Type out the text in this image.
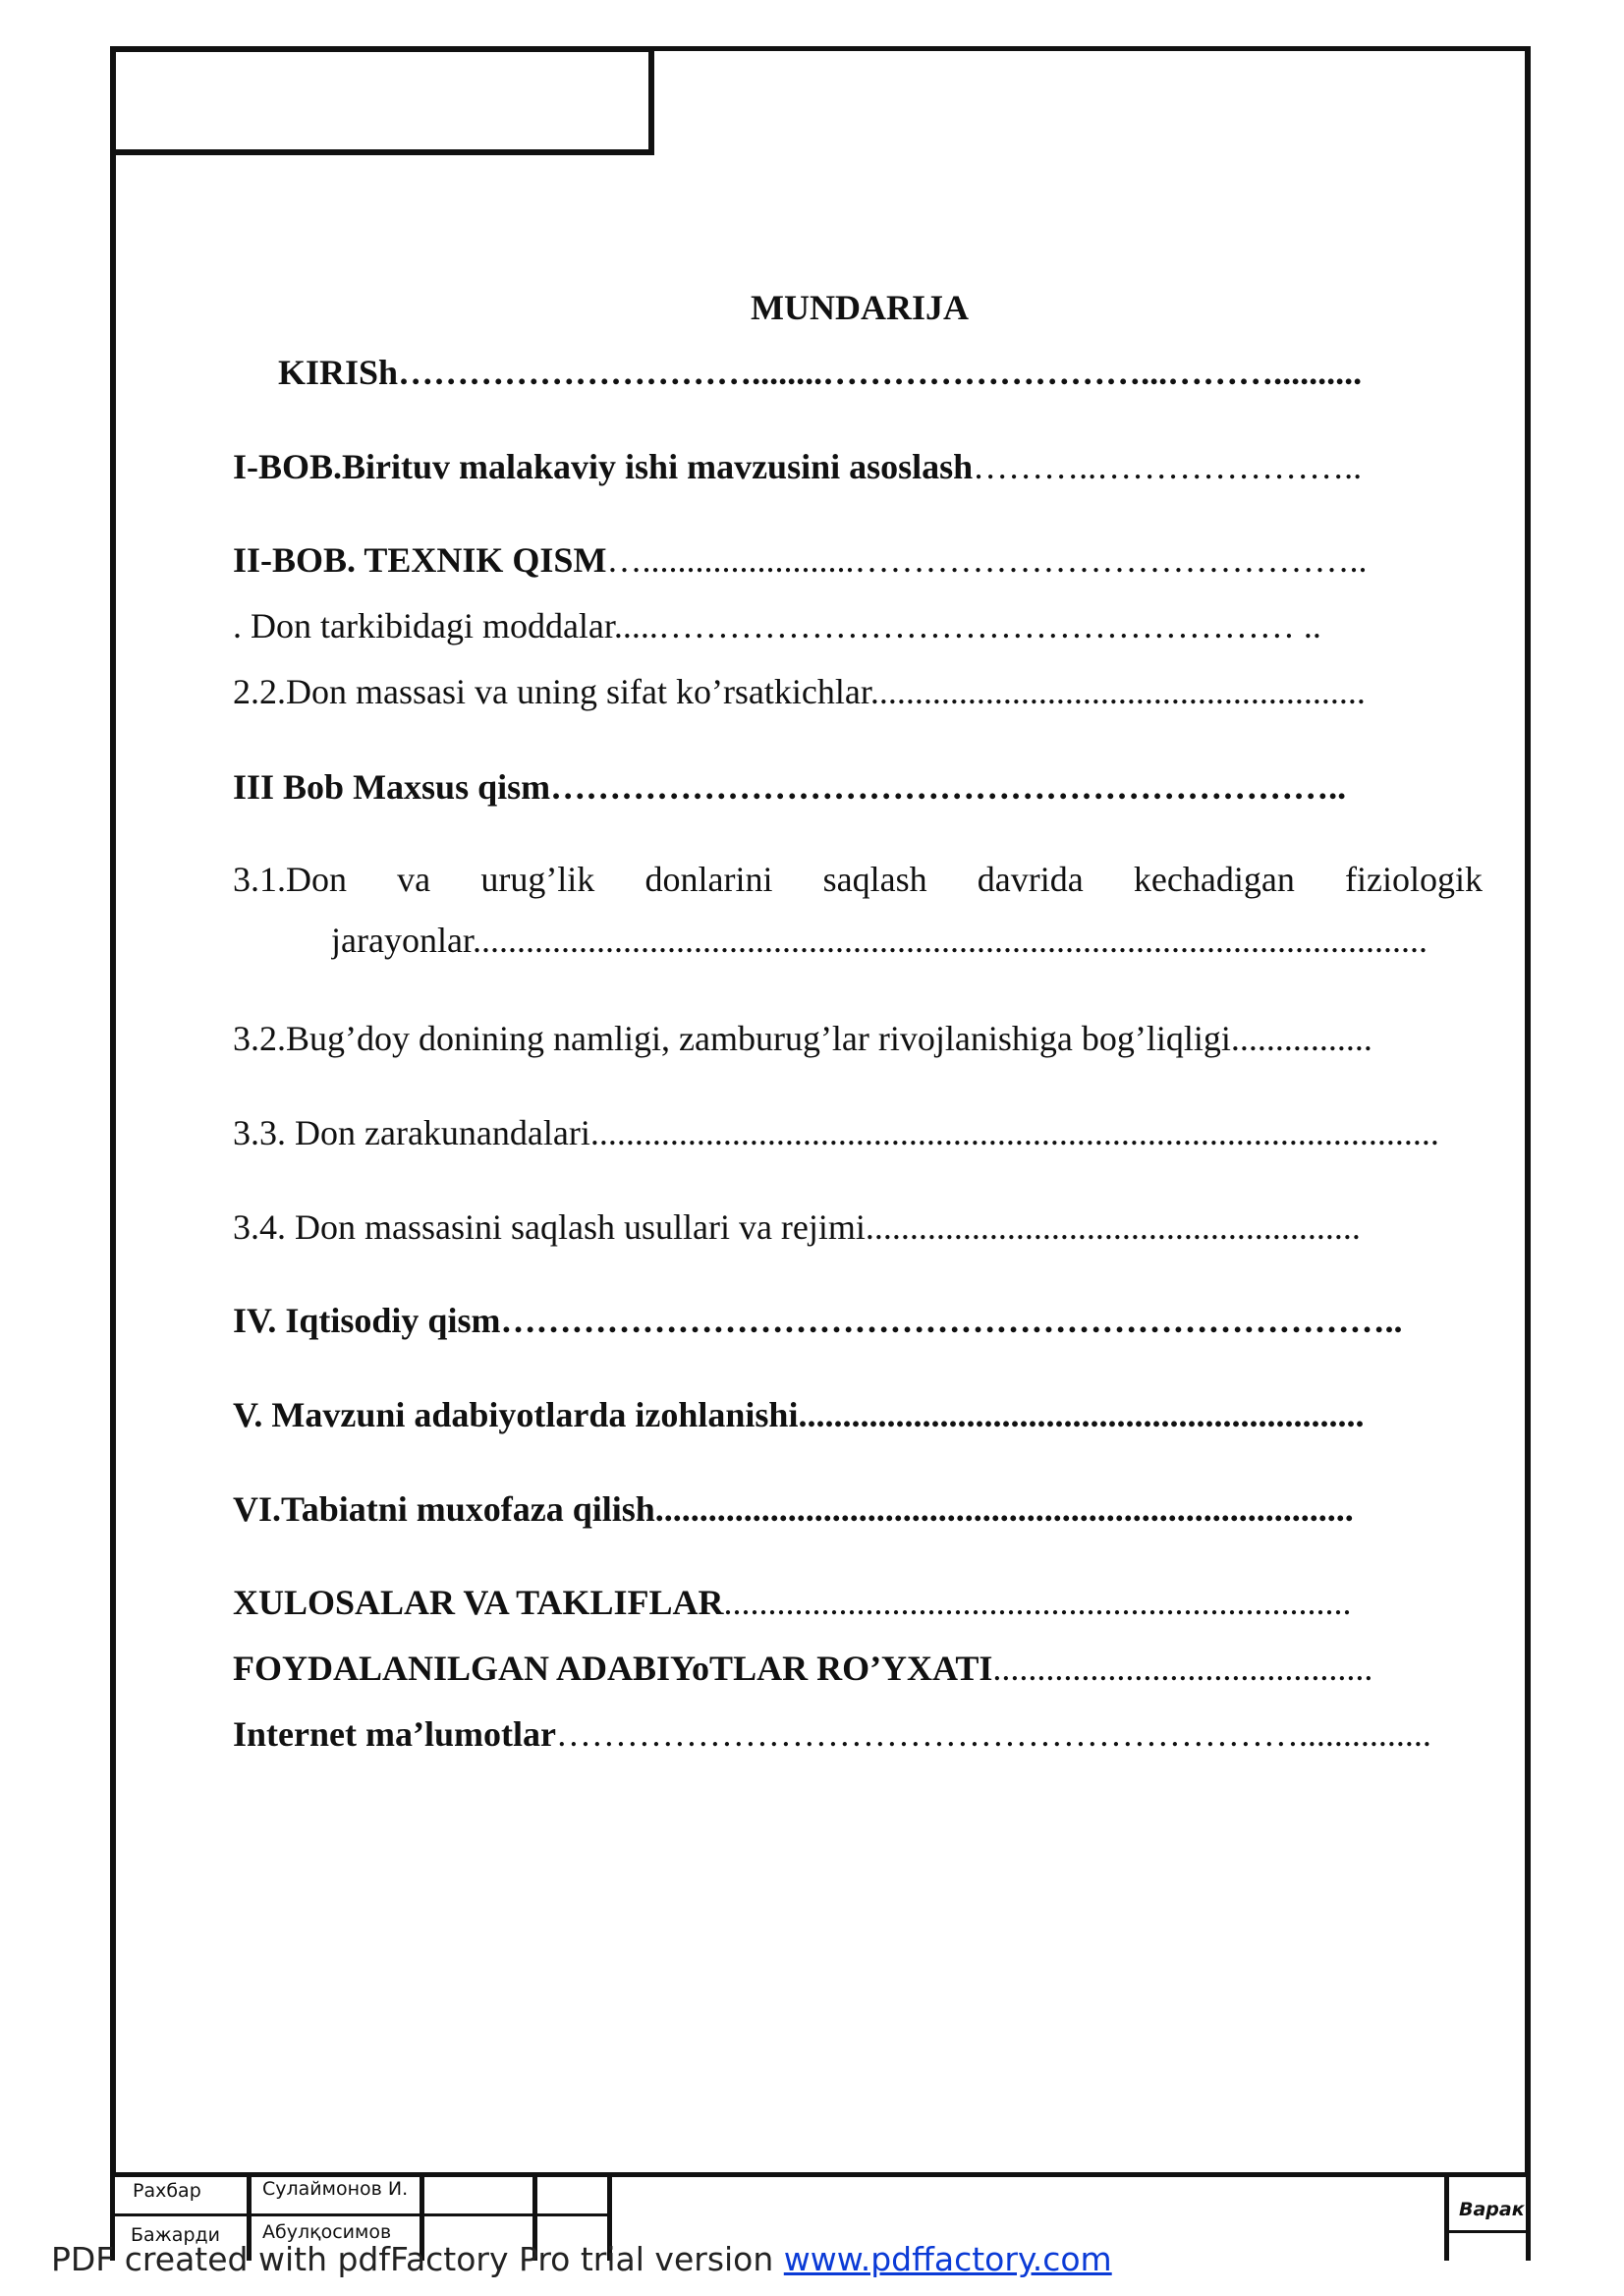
MUNDARIJA
KIRISh…………………………........………………………...………..........
I-BOB.Birituv malakaviy ishi mavzusini asoslash………..…………………..
II-BOB. TEXNIK QISM…........................……………………………………..
. Don tarkibidagi moddalar.....……………………………………………… ..
2.2.Don massasi va uning sifat ko’rsatkichlar........................................................
III Bob Maxsus qism…………………………………………………………..
3.1.Don va urug’lik donlarini saqlash davrida kechadigan fiziologik
jarayonlar............................................................................................................
3.2.Bug’doy donining namligi, zamburug’lar rivojlanishiga bog’liqligi................
3.3. Don zarakunandalari................................................................................................
3.4. Don massasini saqlash usullari va rejimi........................................................
IV. Iqtisodiy qism…………………………………………………………………..
V. Mavzuni adabiyotlarda izohlanishi................................................................
VI.Tabiatni muxofaza qilish...............................................................................
XULOSALAR VA TAKLIFLAR.......................................................................
FOYDALANILGAN ADABIYoTLAR RO’YXATI...........................................
Internet ma’lumotlar………………………………………………………...............
Рахбар	Сулаймонов И.
Бажарди Абулқосимов
Варак
PDF created with pdfFactory Pro trial version www.pdffactory.com
